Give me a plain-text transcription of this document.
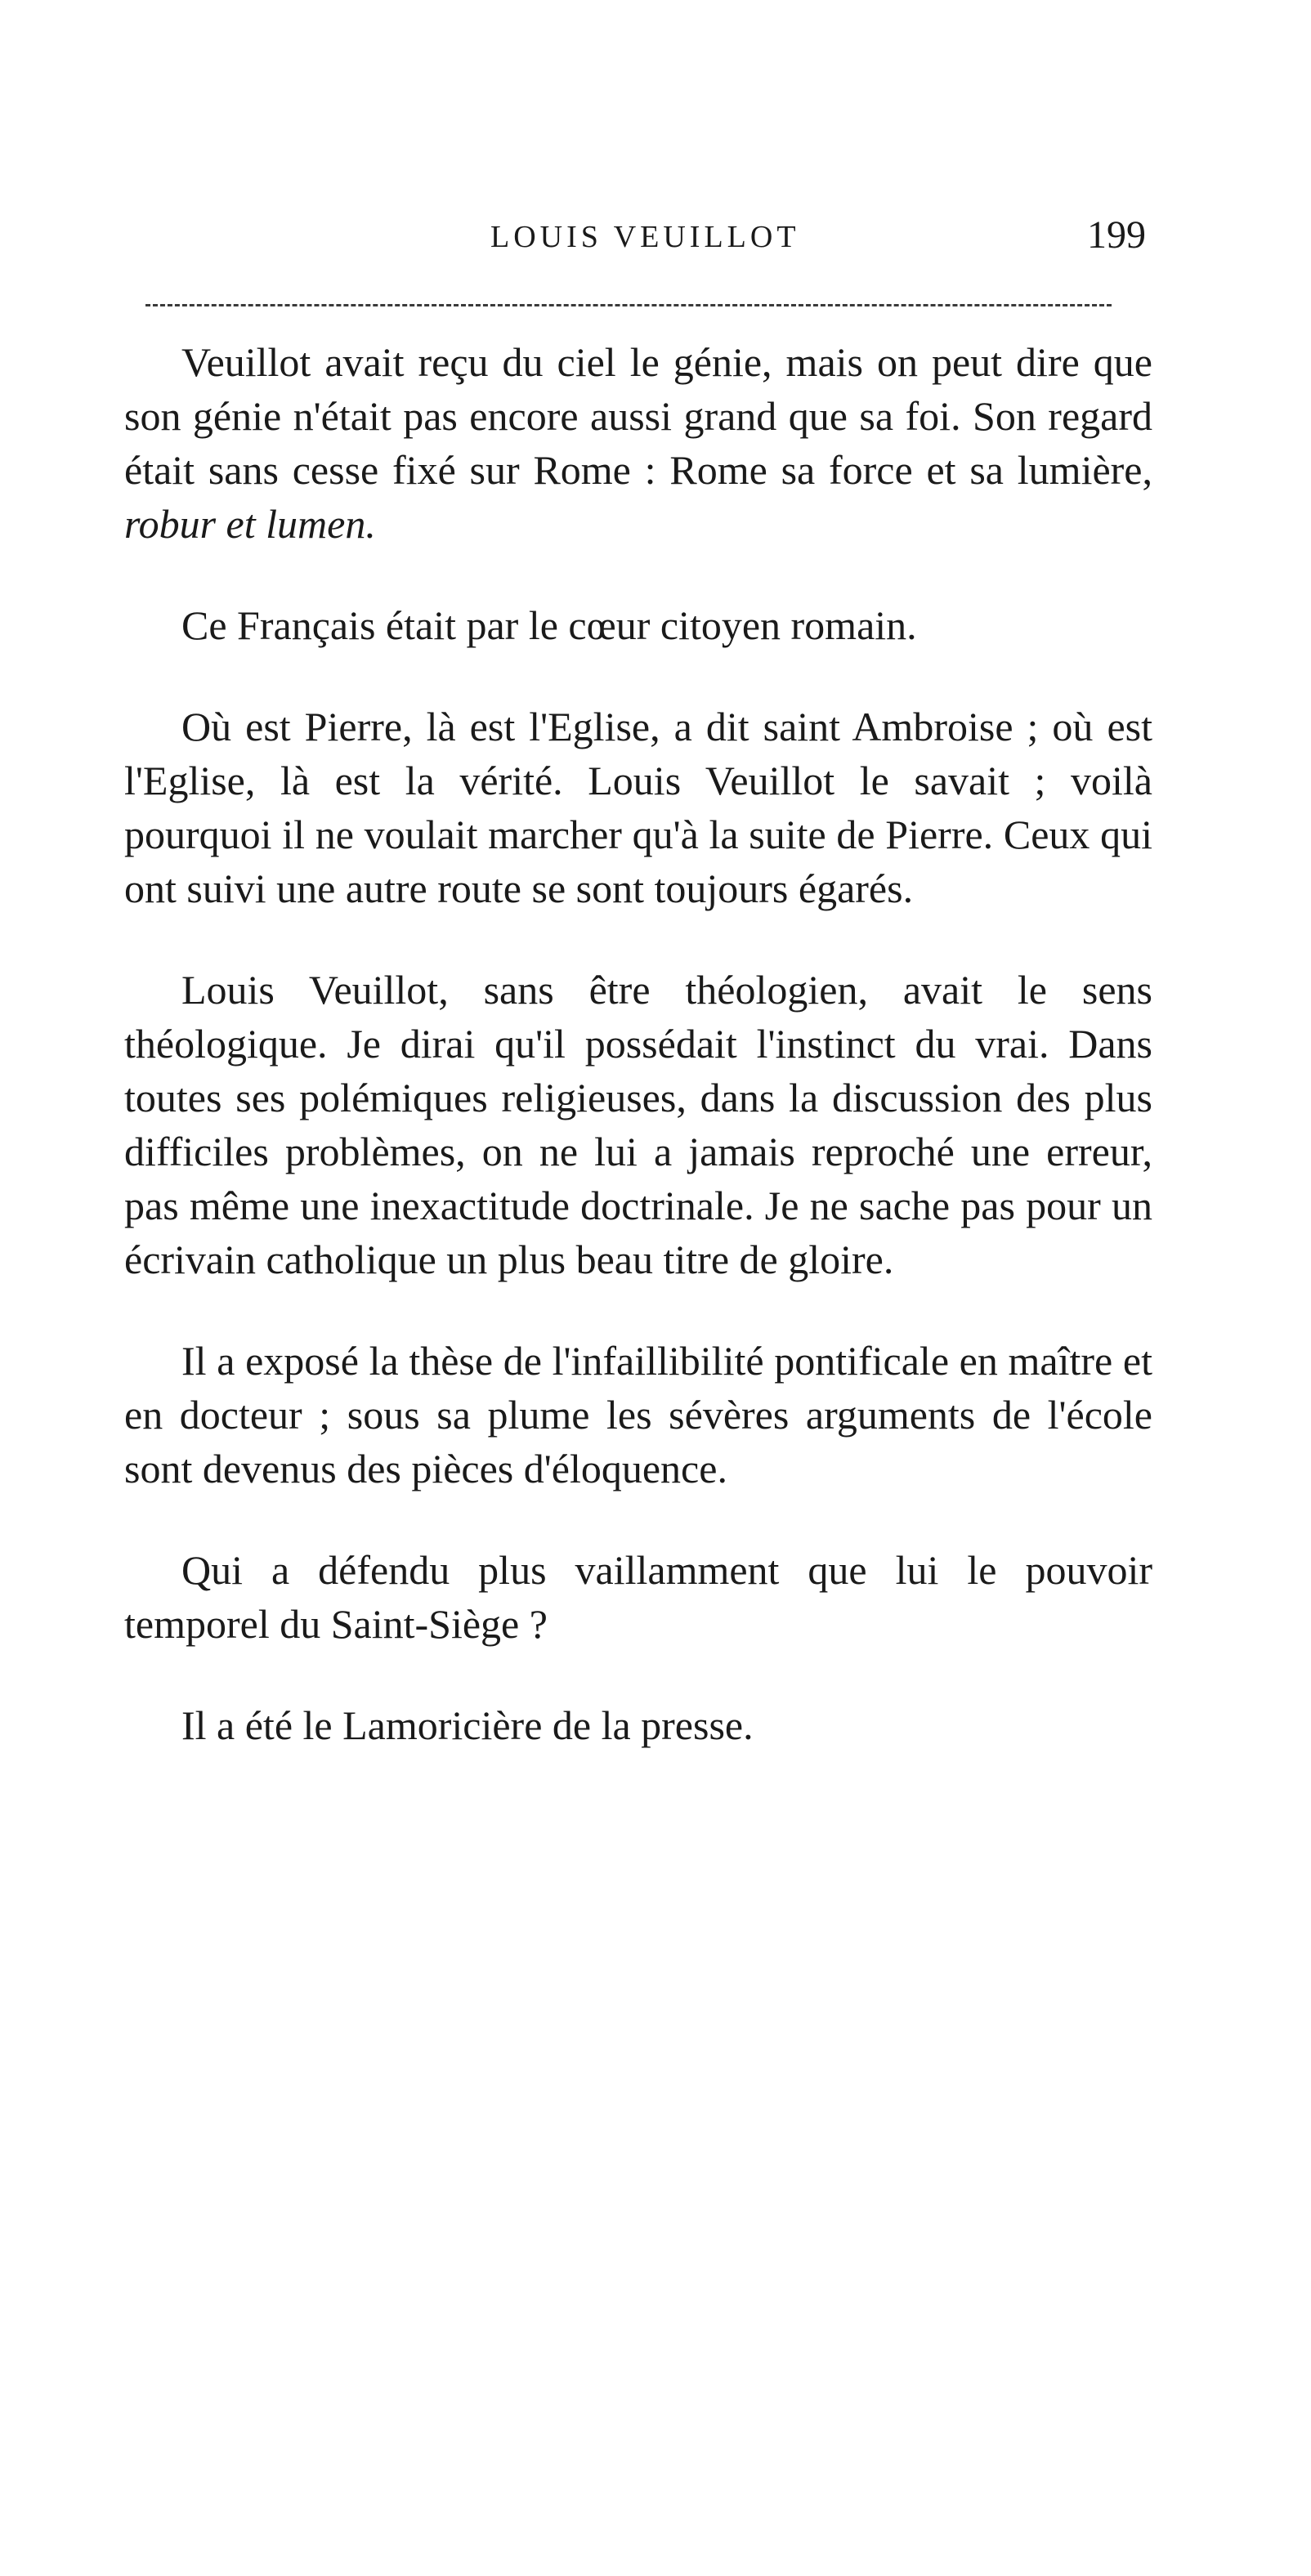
LOUIS VEUILLOT	199

Veuillot avait reçu du ciel le génie, mais on peut dire que son génie n'était pas encore aussi grand que sa foi. Son regard était sans cesse fixé sur Rome : Rome sa force et sa lumière, robur et lumen.

Ce Français était par le cœur citoyen romain.

Où est Pierre, là est l'Eglise, a dit saint Ambroise ; où est l'Eglise, là est la vérité. Louis Veuillot le savait ; voilà pourquoi il ne voulait marcher qu'à la suite de Pierre. Ceux qui ont suivi une autre route se sont toujours égarés.

Louis Veuillot, sans être théologien, avait le sens théologique. Je dirai qu'il possédait l'instinct du vrai. Dans toutes ses polémiques religieuses, dans la discussion des plus difficiles problèmes, on ne lui a jamais reproché une erreur, pas même une inexactitude doctrinale. Je ne sache pas pour un écrivain catholique un plus beau titre de gloire.

Il a exposé la thèse de l'infaillibilité pontificale en maître et en docteur ; sous sa plume les sévères arguments de l'école sont devenus des pièces d'éloquence.

Qui a défendu plus vaillamment que lui le pouvoir temporel du Saint-Siège ?

Il a été le Lamoricière de la presse.
